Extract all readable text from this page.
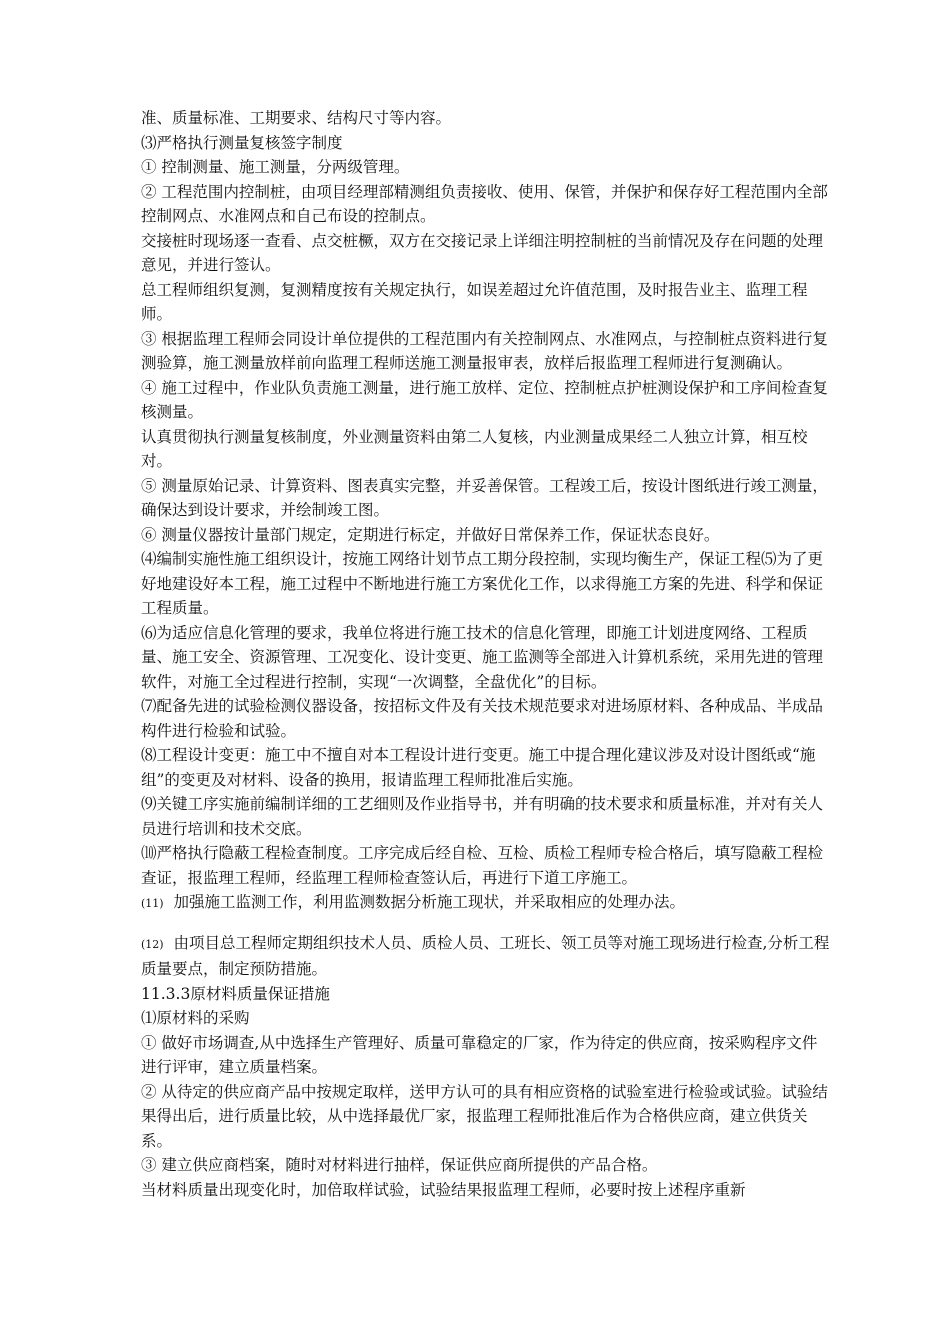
准、质量标准、工期要求、结构尺寸等内容。

⑶严格执行测量复核签字制度

① 控制测量、施工测量，分两级管理。

② 工程范围内控制桩，由项目经理部精测组负责接收、使用、保管，并保护和保存好工程范围内全部控制网点、水准网点和自己布设的控制点。

交接桩时现场逐一查看、点交桩橛，双方在交接记录上详细注明控制桩的当前情况及存在问题的处理意见，并进行签认。

总工程师组织复测，复测精度按有关规定执行，如误差超过允许值范围，及时报告业主、监理工程师。

③ 根据监理工程师会同设计单位提供的工程范围内有关控制网点、水准网点，与控制桩点资料进行复测验算，施工测量放样前向监理工程师送施工测量报审表，放样后报监理工程师进行复测确认。

④ 施工过程中，作业队负责施工测量，进行施工放样、定位、控制桩点护桩测设保护和工序间检查复核测量。

认真贯彻执行测量复核制度，外业测量资料由第二人复核，内业测量成果经二人独立计算，相互校对。

⑤ 测量原始记录、计算资料、图表真实完整，并妥善保管。工程竣工后，按设计图纸进行竣工测量，确保达到设计要求，并绘制竣工图。

⑥ 测量仪器按计量部门规定，定期进行标定，并做好日常保养工作，保证状态良好。

⑷编制实施性施工组织设计，按施工网络计划节点工期分段控制，实现均衡生产，保证工程⑸为了更好地建设好本工程，施工过程中不断地进行施工方案优化工作，以求得施工方案的先进、科学和保证工程质量。

⑹为适应信息化管理的要求，我单位将进行施工技术的信息化管理，即施工计划进度网络、工程质量、施工安全、资源管理、工况变化、设计变更、施工监测等全部进入计算机系统，采用先进的管理软件，对施工全过程进行控制，实现“一次调整，全盘优化”的目标。

⑺配备先进的试验检测仪器设备，按招标文件及有关技术规范要求对进场原材料、各种成品、半成品构件进行检验和试验。

⑻工程设计变更：施工中不擅自对本工程设计进行变更。施工中提合理化建议涉及对设计图纸或“施组”的变更及对材料、设备的换用，报请监理工程师批准后实施。

⑼关键工序实施前编制详细的工艺细则及作业指导书，并有明确的技术要求和质量标准，并对有关人员进行培训和技术交底。

⑽严格执行隐蔽工程检查制度。工序完成后经自检、互检、质检工程师专检合格后，填写隐蔽工程检查证，报监理工程师，经监理工程师检查签认后，再进行下道工序施工。

(11) 加强施工监测工作，利用监测数据分析施工现状，并采取相应的处理办法。

(12) 由项目总工程师定期组织技术人员、质检人员、工班长、领工员等对施工现场进行检查,分析工程质量要点，制定预防措施。

11.3.3原材料质量保证措施

⑴原材料的采购

① 做好市场调查,从中选择生产管理好、质量可靠稳定的厂家，作为待定的供应商，按采购程序文件进行评审，建立质量档案。

② 从待定的供应商产品中按规定取样，送甲方认可的具有相应资格的试验室进行检验或试验。试验结果得出后，进行质量比较，从中选择最优厂家，报监理工程师批准后作为合格供应商，建立供货关系。

③ 建立供应商档案，随时对材料进行抽样，保证供应商所提供的产品合格。

当材料质量出现变化时，加倍取样试验，试验结果报监理工程师，必要时按上述程序重新
